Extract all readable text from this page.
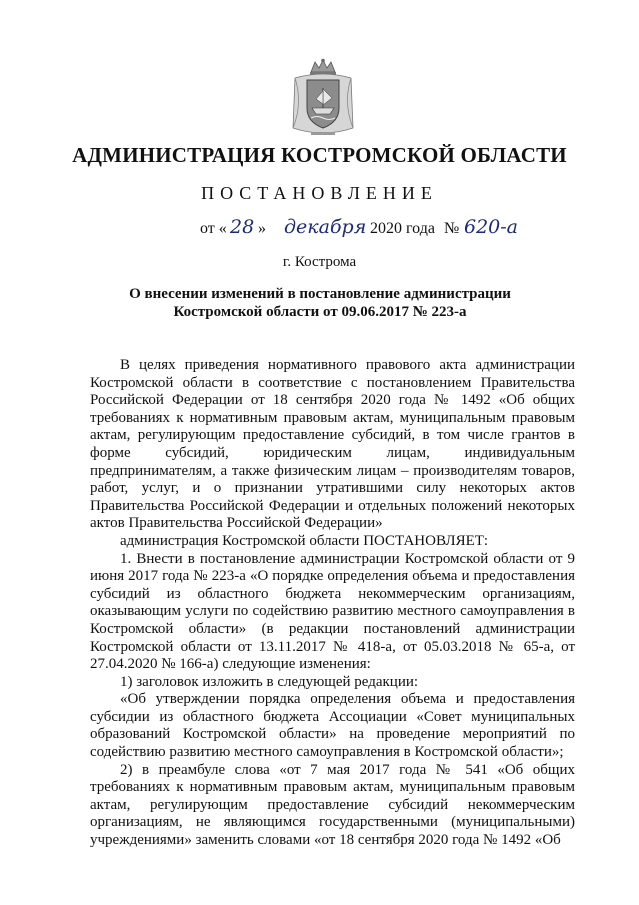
АДМИНИСТРАЦИЯ КОСТРОМСКОЙ ОБЛАСТИ
ПОСТАНОВЛЕНИЕ
от « 28 » декабря 2020 года № 620-а
г. Кострома
О внесении изменений в постановление администрации
Костромской области от 09.06.2017 № 223-а

В целях приведения нормативного правового акта администрации Костромской области в соответствие с постановлением Правительства Российской Федерации от 18 сентября 2020 года № 1492 «Об общих требованиях к нормативным правовым актам, муниципальным правовым актам, регулирующим предоставление субсидий, в том числе грантов в форме субсидий, юридическим лицам, индивидуальным предпринимателям, а также физическим лицам – производителям товаров, работ, услуг, и о признании утратившими силу некоторых актов Правительства Российской Федерации и отдельных положений некоторых актов Правительства Российской Федерации»

администрация Костромской области ПОСТАНОВЛЯЕТ:

1. Внести в постановление администрации Костромской области от 9 июня 2017 года № 223-а «О порядке определения объема и предоставления субсидий из областного бюджета некоммерческим организациям, оказывающим услуги по содействию развитию местного самоуправления в Костромской области» (в редакции постановлений администрации Костромской области от 13.11.2017 № 418-а, от 05.03.2018 № 65-а, от 27.04.2020 № 166-а) следующие изменения:

1) заголовок изложить в следующей редакции:

«Об утверждении порядка определения объема и предоставления субсидии из областного бюджета Ассоциации «Совет муниципальных образований Костромской области» на проведение мероприятий по содействию развитию местного самоуправления в Костромской области»;

2) в преамбуле слова «от 7 мая 2017 года № 541 «Об общих требованиях к нормативным правовым актам, муниципальным правовым актам, регулирующим предоставление субсидий некоммерческим организациям, не являющимся государственными (муниципальными) учреждениями» заменить словами «от 18 сентября 2020 года № 1492 «Об
